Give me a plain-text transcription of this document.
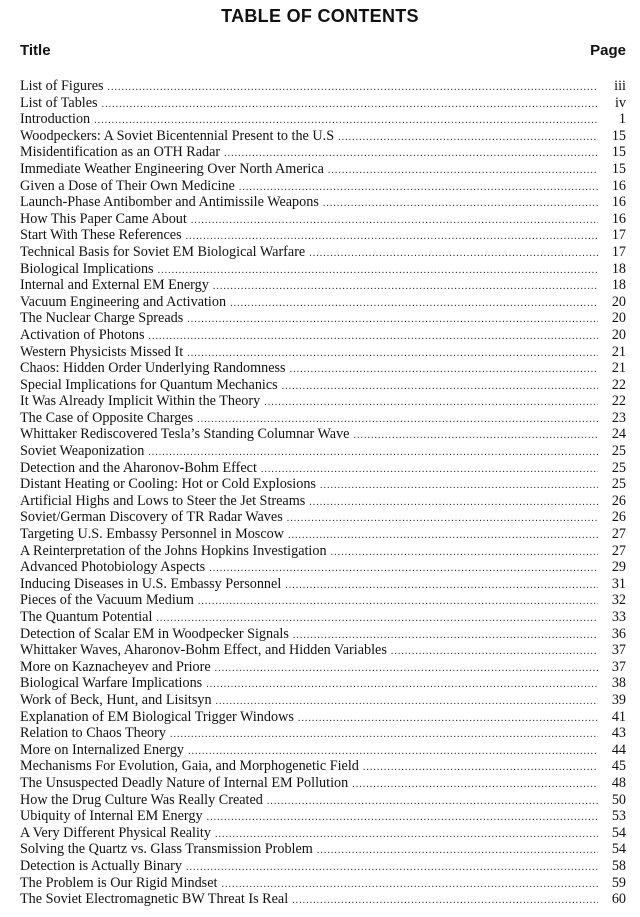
TABLE OF CONTENTS
Title	Page
List of Figures .....	iii
List of Tables .....	iv
Introduction .....	1
Woodpeckers: A Soviet Bicentennial Present to the U.S .....	15
Misidentification as an OTH Radar .....	15
Immediate Weather Engineering Over North America .....	15
Given a Dose of Their Own Medicine .....	16
Launch-Phase Antibomber and Antimissile Weapons .....	16
How This Paper Came About .....	16
Start With These References .....	17
Technical Basis for Soviet EM Biological Warfare .....	17
Biological Implications .....	18
Internal and External EM Energy .....	18
Vacuum Engineering and Activation .....	20
The Nuclear Charge Spreads .....	20
Activation of Photons .....	20
Western Physicists Missed It .....	21
Chaos: Hidden Order Underlying Randomness .....	21
Special Implications for Quantum Mechanics .....	22
It Was Already Implicit Within the Theory .....	22
The Case of Opposite Charges .....	23
Whittaker Rediscovered Tesla’s Standing Columnar Wave .....	24
Soviet Weaponization .....	25
Detection and the Aharonov-Bohm Effect .....	25
Distant Heating or Cooling: Hot or Cold Explosions .....	25
Artificial Highs and Lows to Steer the Jet Streams .....	26
Soviet/German Discovery of TR Radar Waves .....	26
Targeting U.S. Embassy Personnel in Moscow .....	27
A Reinterpretation of the Johns Hopkins Investigation .....	27
Advanced Photobiology Aspects .....	29
Inducing Diseases in U.S. Embassy Personnel .....	31
Pieces of the Vacuum Medium .....	32
The Quantum Potential .....	33
Detection of Scalar EM in Woodpecker Signals .....	36
Whittaker Waves, Aharonov-Bohm Effect, and Hidden Variables .....	37
More on Kaznacheyev and Priore .....	37
Biological Warfare Implications .....	38
Work of Beck, Hunt, and Lisitsyn .....	39
Explanation of EM Biological Trigger Windows .....	41
Relation to Chaos Theory .....	43
More on Internalized Energy .....	44
Mechanisms For Evolution, Gaia, and Morphogenetic Field .....	45
The Unsuspected Deadly Nature of Internal EM Pollution .....	48
How the Drug Culture Was Really Created .....	50
Ubiquity of Internal EM Energy .....	53
A Very Different Physical Reality .....	54
Solving the Quartz vs. Glass Transmission Problem .....	54
Detection is Actually Binary .....	58
The Problem is Our Rigid Mindset .....	59
The Soviet Electromagnetic BW Threat Is Real .....	60
